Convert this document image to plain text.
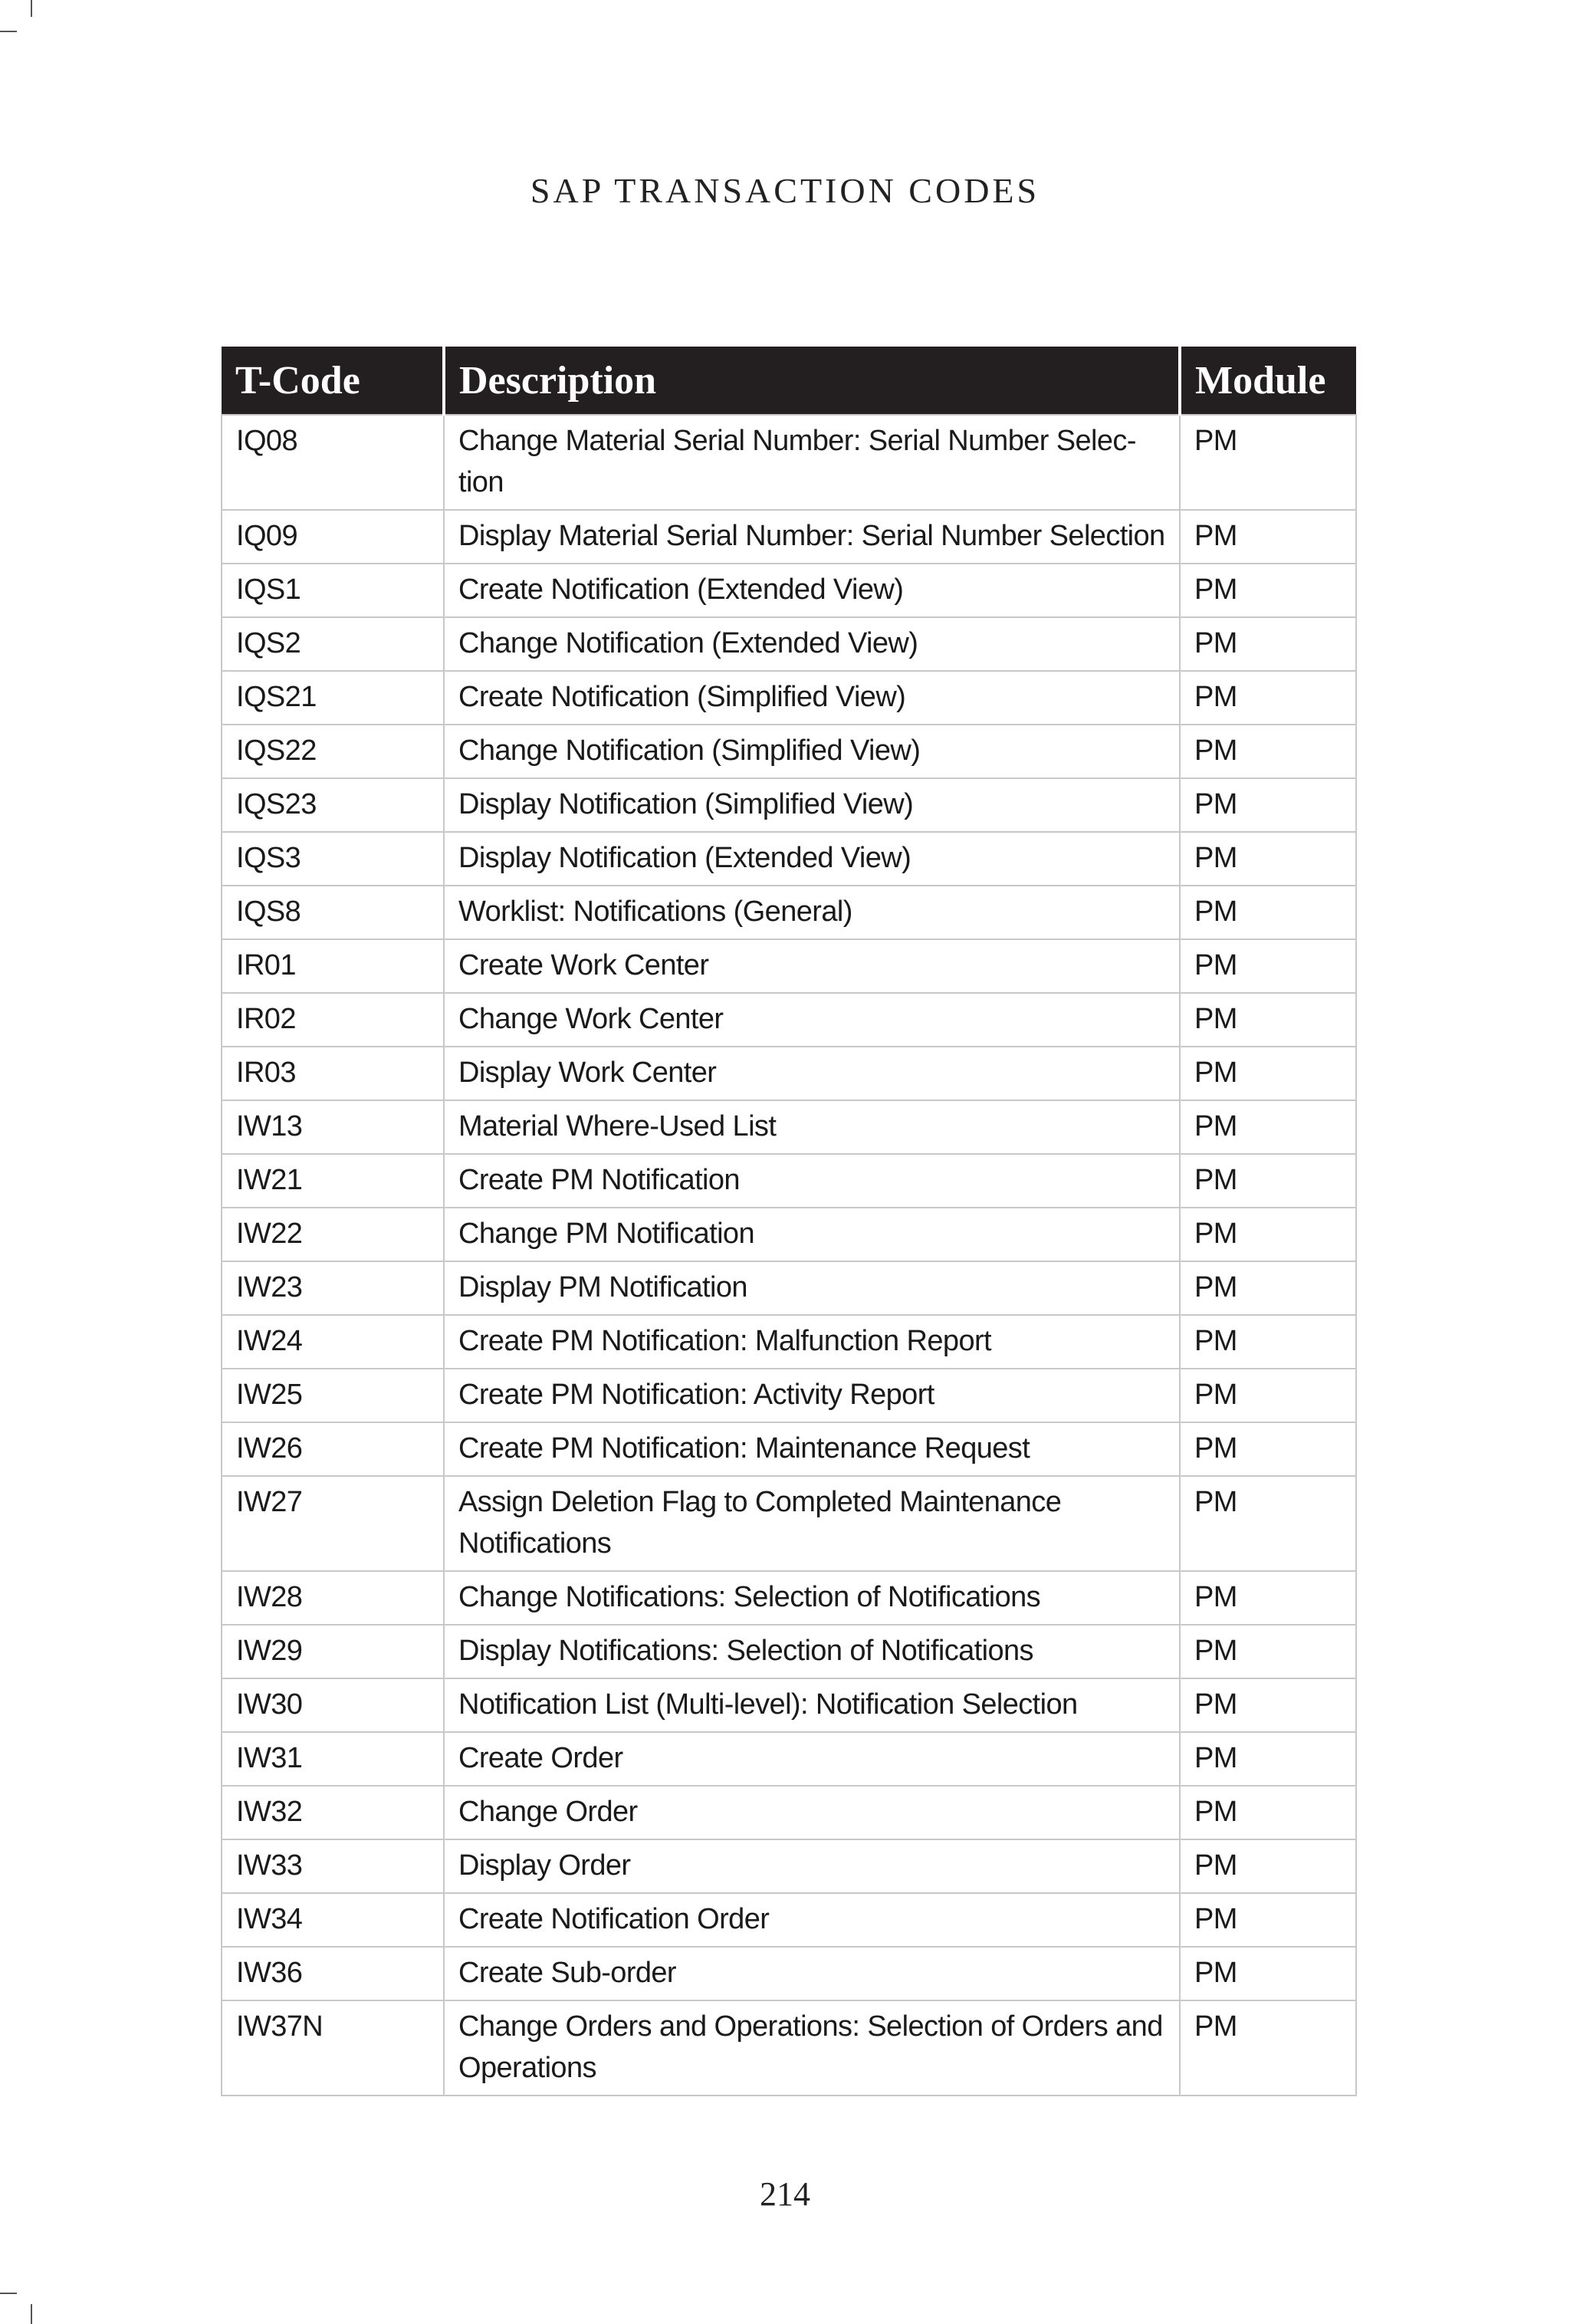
SAP TRANSACTION CODES
T-Code	Description	Module
IQ08	Change Material Serial Number: Serial Number Selec-tion	PM
IQ09	Display Material Serial Number: Serial Number Selection	PM
IQS1	Create Notification (Extended View)	PM
IQS2	Change Notification (Extended View)	PM
IQS21	Create Notification (Simplified View)	PM
IQS22	Change Notification (Simplified View)	PM
IQS23	Display Notification (Simplified View)	PM
IQS3	Display Notification (Extended View)	PM
IQS8	Worklist: Notifications (General)	PM
IR01	Create Work Center	PM
IR02	Change Work Center	PM
IR03	Display Work Center	PM
IW13	Material Where-Used List	PM
IW21	Create PM Notification	PM
IW22	Change PM Notification	PM
IW23	Display PM Notification	PM
IW24	Create PM Notification: Malfunction Report	PM
IW25	Create PM Notification: Activity Report	PM
IW26	Create PM Notification: Maintenance Request	PM
IW27	Assign Deletion Flag to Completed Maintenance Notifications	PM
IW28	Change Notifications: Selection of Notifications	PM
IW29	Display Notifications: Selection of Notifications	PM
IW30	Notification List (Multi-level): Notification Selection	PM
IW31	Create Order	PM
IW32	Change Order	PM
IW33	Display Order	PM
IW34	Create Notification Order	PM
IW36	Create Sub-order	PM
IW37N	Change Orders and Operations: Selection of Orders and Operations	PM
214
